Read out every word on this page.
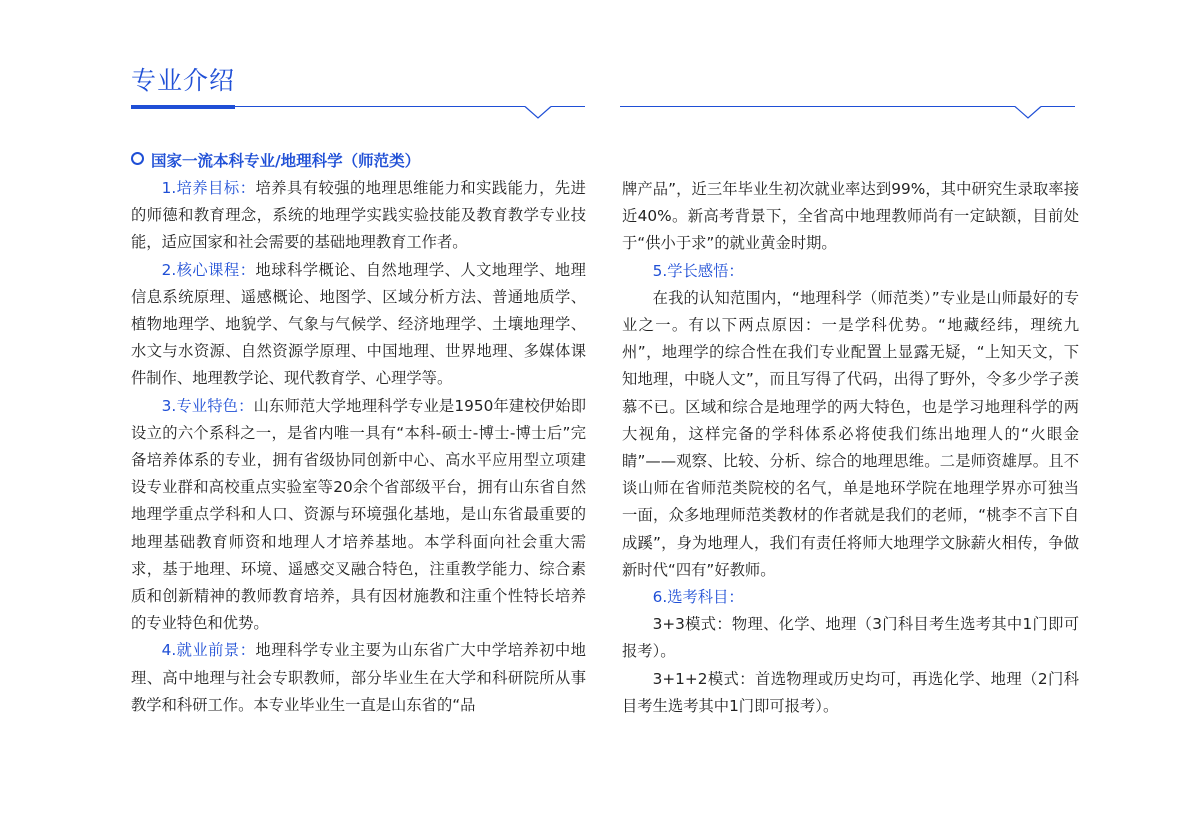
专业介绍

国家一流本科专业/地理科学（师范类）

1.培养目标：培养具有较强的地理思维能力和实践能力，先进的师德和教育理念，系统的地理学实践实验技能及教育教学专业技能，适应国家和社会需要的基础地理教育工作者。

2.核心课程：地球科学概论、自然地理学、人文地理学、地理信息系统原理、遥感概论、地图学、区域分析方法、普通地质学、植物地理学、地貌学、气象与气候学、经济地理学、土壤地理学、水文与水资源、自然资源学原理、中国地理、世界地理、多媒体课件制作、地理教学论、现代教育学、心理学等。

3.专业特色：山东师范大学地理科学专业是1950年建校伊始即设立的六个系科之一，是省内唯一具有“本科-硕士-博士-博士后”完备培养体系的专业，拥有省级协同创新中心、高水平应用型立项建设专业群和高校重点实验室等20余个省部级平台，拥有山东省自然地理学重点学科和人口、资源与环境强化基地，是山东省最重要的地理基础教育师资和地理人才培养基地。本学科面向社会重大需求，基于地理、环境、遥感交叉融合特色，注重教学能力、综合素质和创新精神的教师教育培养，具有因材施教和注重个性特长培养的专业特色和优势。

4.就业前景：地理科学专业主要为山东省广大中学培养初中地理、高中地理与社会专职教师，部分毕业生在大学和科研院所从事教学和科研工作。本专业毕业生一直是山东省的“品

牌产品”，近三年毕业生初次就业率达到99%，其中研究生录取率接近40%。新高考背景下，全省高中地理教师尚有一定缺额，目前处于“供小于求”的就业黄金时期。

5.学长感悟：

在我的认知范围内，“地理科学（师范类）”专业是山师最好的专业之一。有以下两点原因：一是学科优势。“地藏经纬，理统九州”，地理学的综合性在我们专业配置上显露无疑，“上知天文，下知地理，中晓人文”，而且写得了代码，出得了野外，令多少学子羡慕不已。区域和综合是地理学的两大特色，也是学习地理科学的两大视角，这样完备的学科体系必将使我们练出地理人的“火眼金睛”——观察、比较、分析、综合的地理思维。二是师资雄厚。且不谈山师在省师范类院校的名气，单是地环学院在地理学界亦可独当一面，众多地理师范类教材的作者就是我们的老师，“桃李不言下自成蹊”，身为地理人，我们有责任将师大地理学文脉薪火相传，争做新时代“四有”好教师。

6.选考科目：

3+3模式：物理、化学、地理（3门科目考生选考其中1门即可报考）。

3+1+2模式：首选物理或历史均可，再选化学、地理（2门科目考生选考其中1门即可报考）。
